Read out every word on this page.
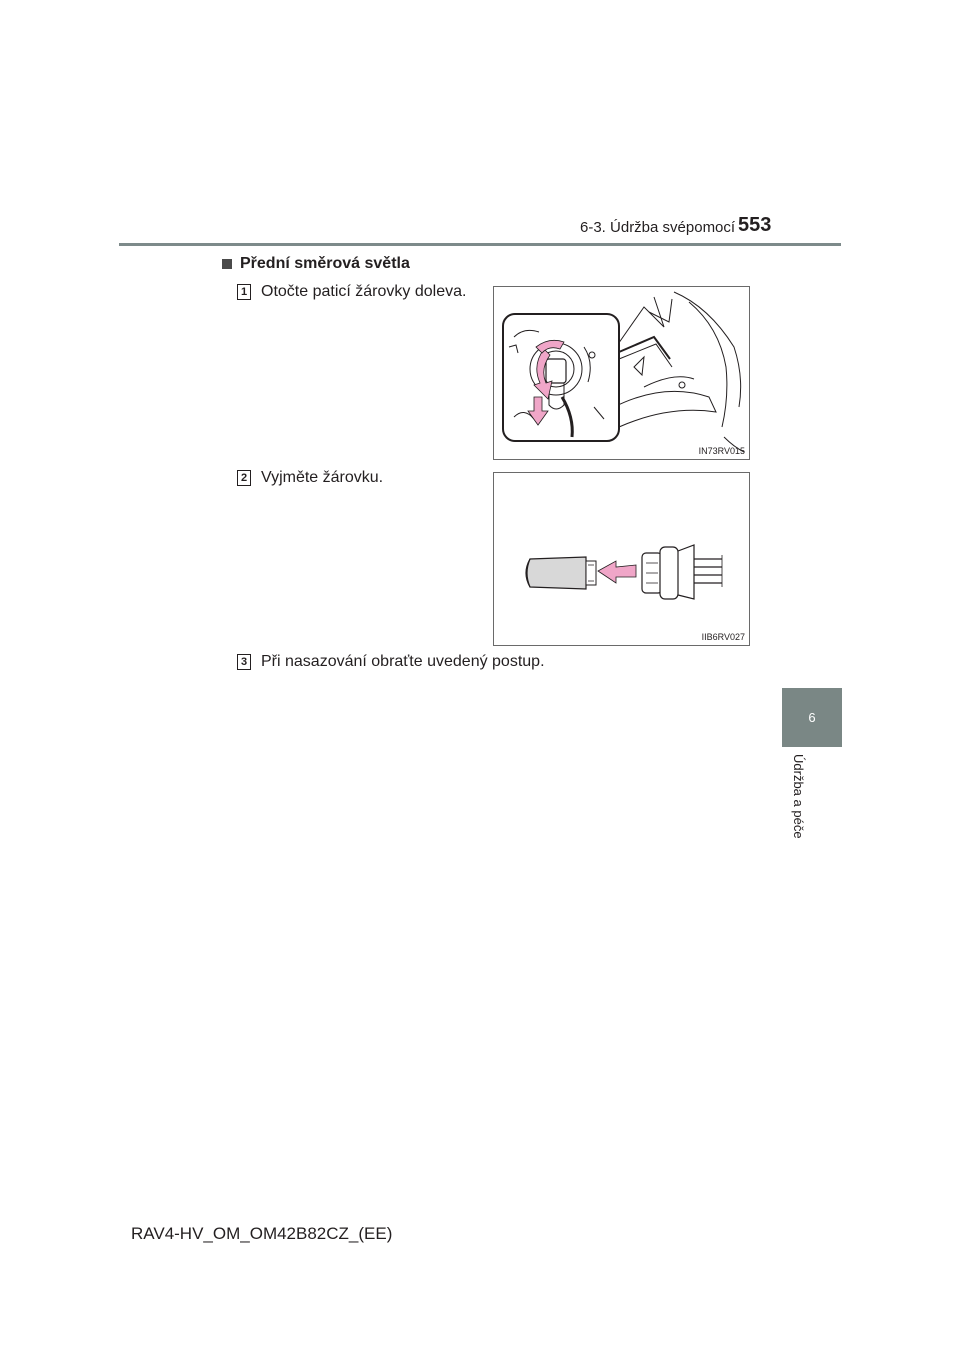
6-3. Údržba svépomocí 553
6
Údržba a péče
Přední směrová světla
1 Otočte paticí žárovky doleva.
IN73RV015
2 Vyjměte žárovku.
IIB6RV027
3 Při nasazování obraťte uvedený postup.
RAV4-HV_OM_OM42B82CZ_(EE)
